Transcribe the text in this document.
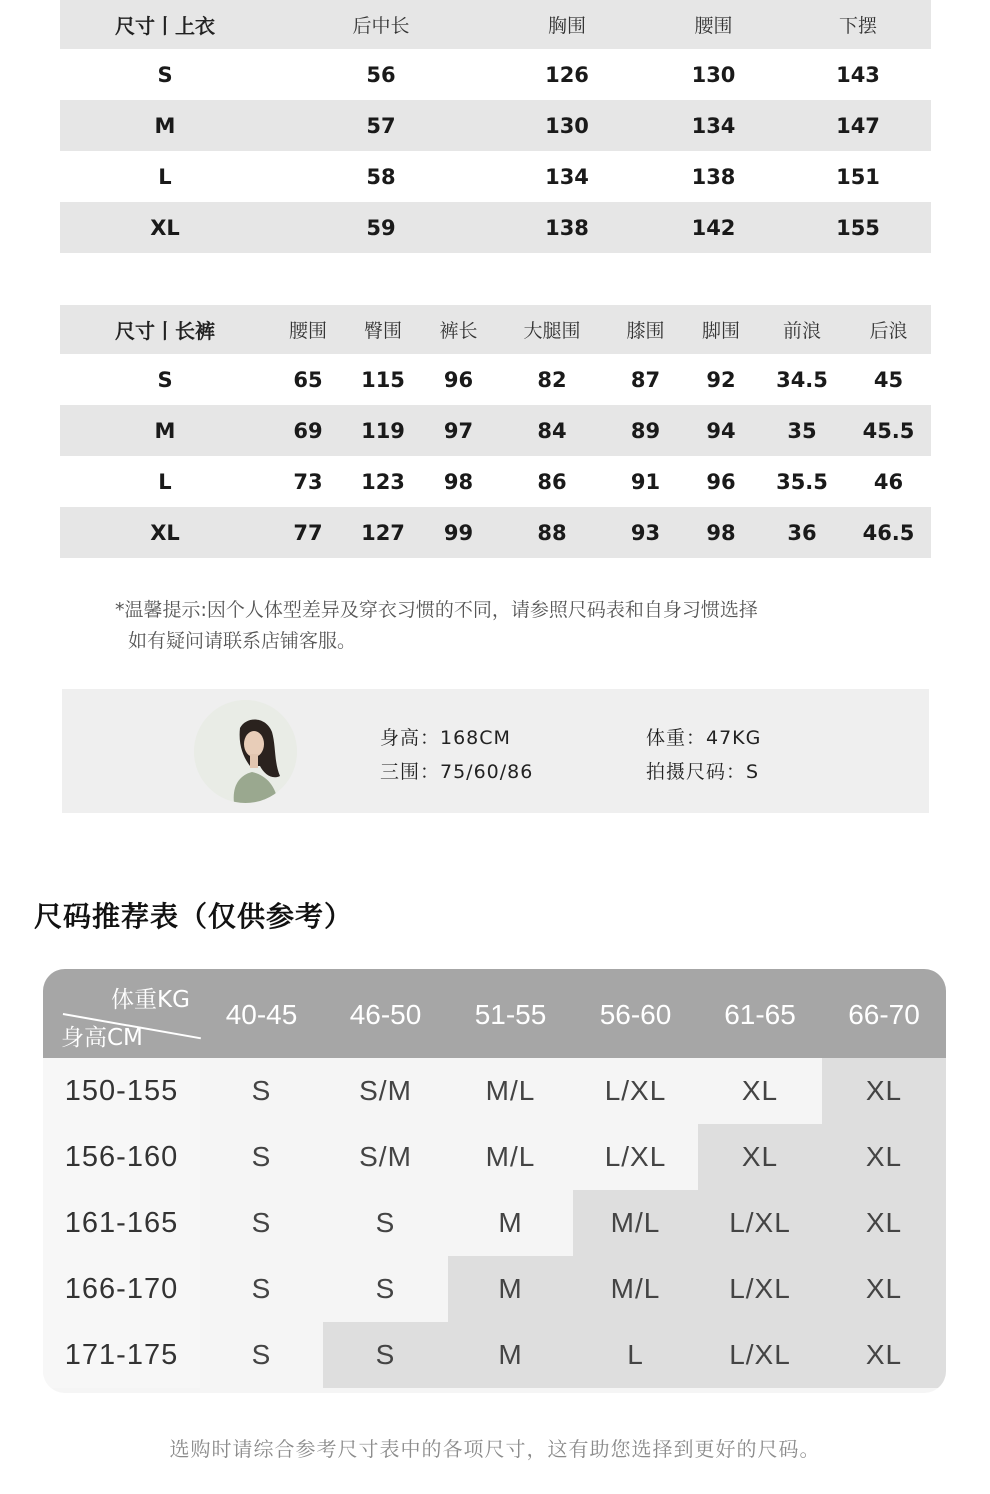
尺寸丨上衣	后中长	胸围	腰围	下摆
S	56	126	130	143
M	57	130	134	147
L	58	134	138	151
XL	59	138	142	155
尺寸丨长裤	腰围	臀围	裤长	大腿围	膝围	脚围	前浪	后浪
S	65	115	96	82	87	92	34.5	45
M	69	119	97	84	89	94	35	45.5
L	73	123	98	86	91	96	35.5	46
XL	77	127	99	88	93	98	36	46.5
*温馨提示:因个人体型差异及穿衣习惯的不同，请参照尺码表和自身习惯选择
如有疑问请联系店铺客服。
身高：168CM
三围：75/60/86
体重：47KG
拍摄尺码：S
尺码推荐表（仅供参考）
体重KG
身高CM
40-45	46-50	51-55	56-60	61-65	66-70
150-155	S	S/M	M/L	L/XL	XL	XL
156-160	S	S/M	M/L	L/XL	XL	XL
161-165	S	S	M	M/L	L/XL	XL
166-170	S	S	M	M/L	L/XL	XL
171-175	S	S	M	L	L/XL	XL
选购时请综合参考尺寸表中的各项尺寸，这有助您选择到更好的尺码。
